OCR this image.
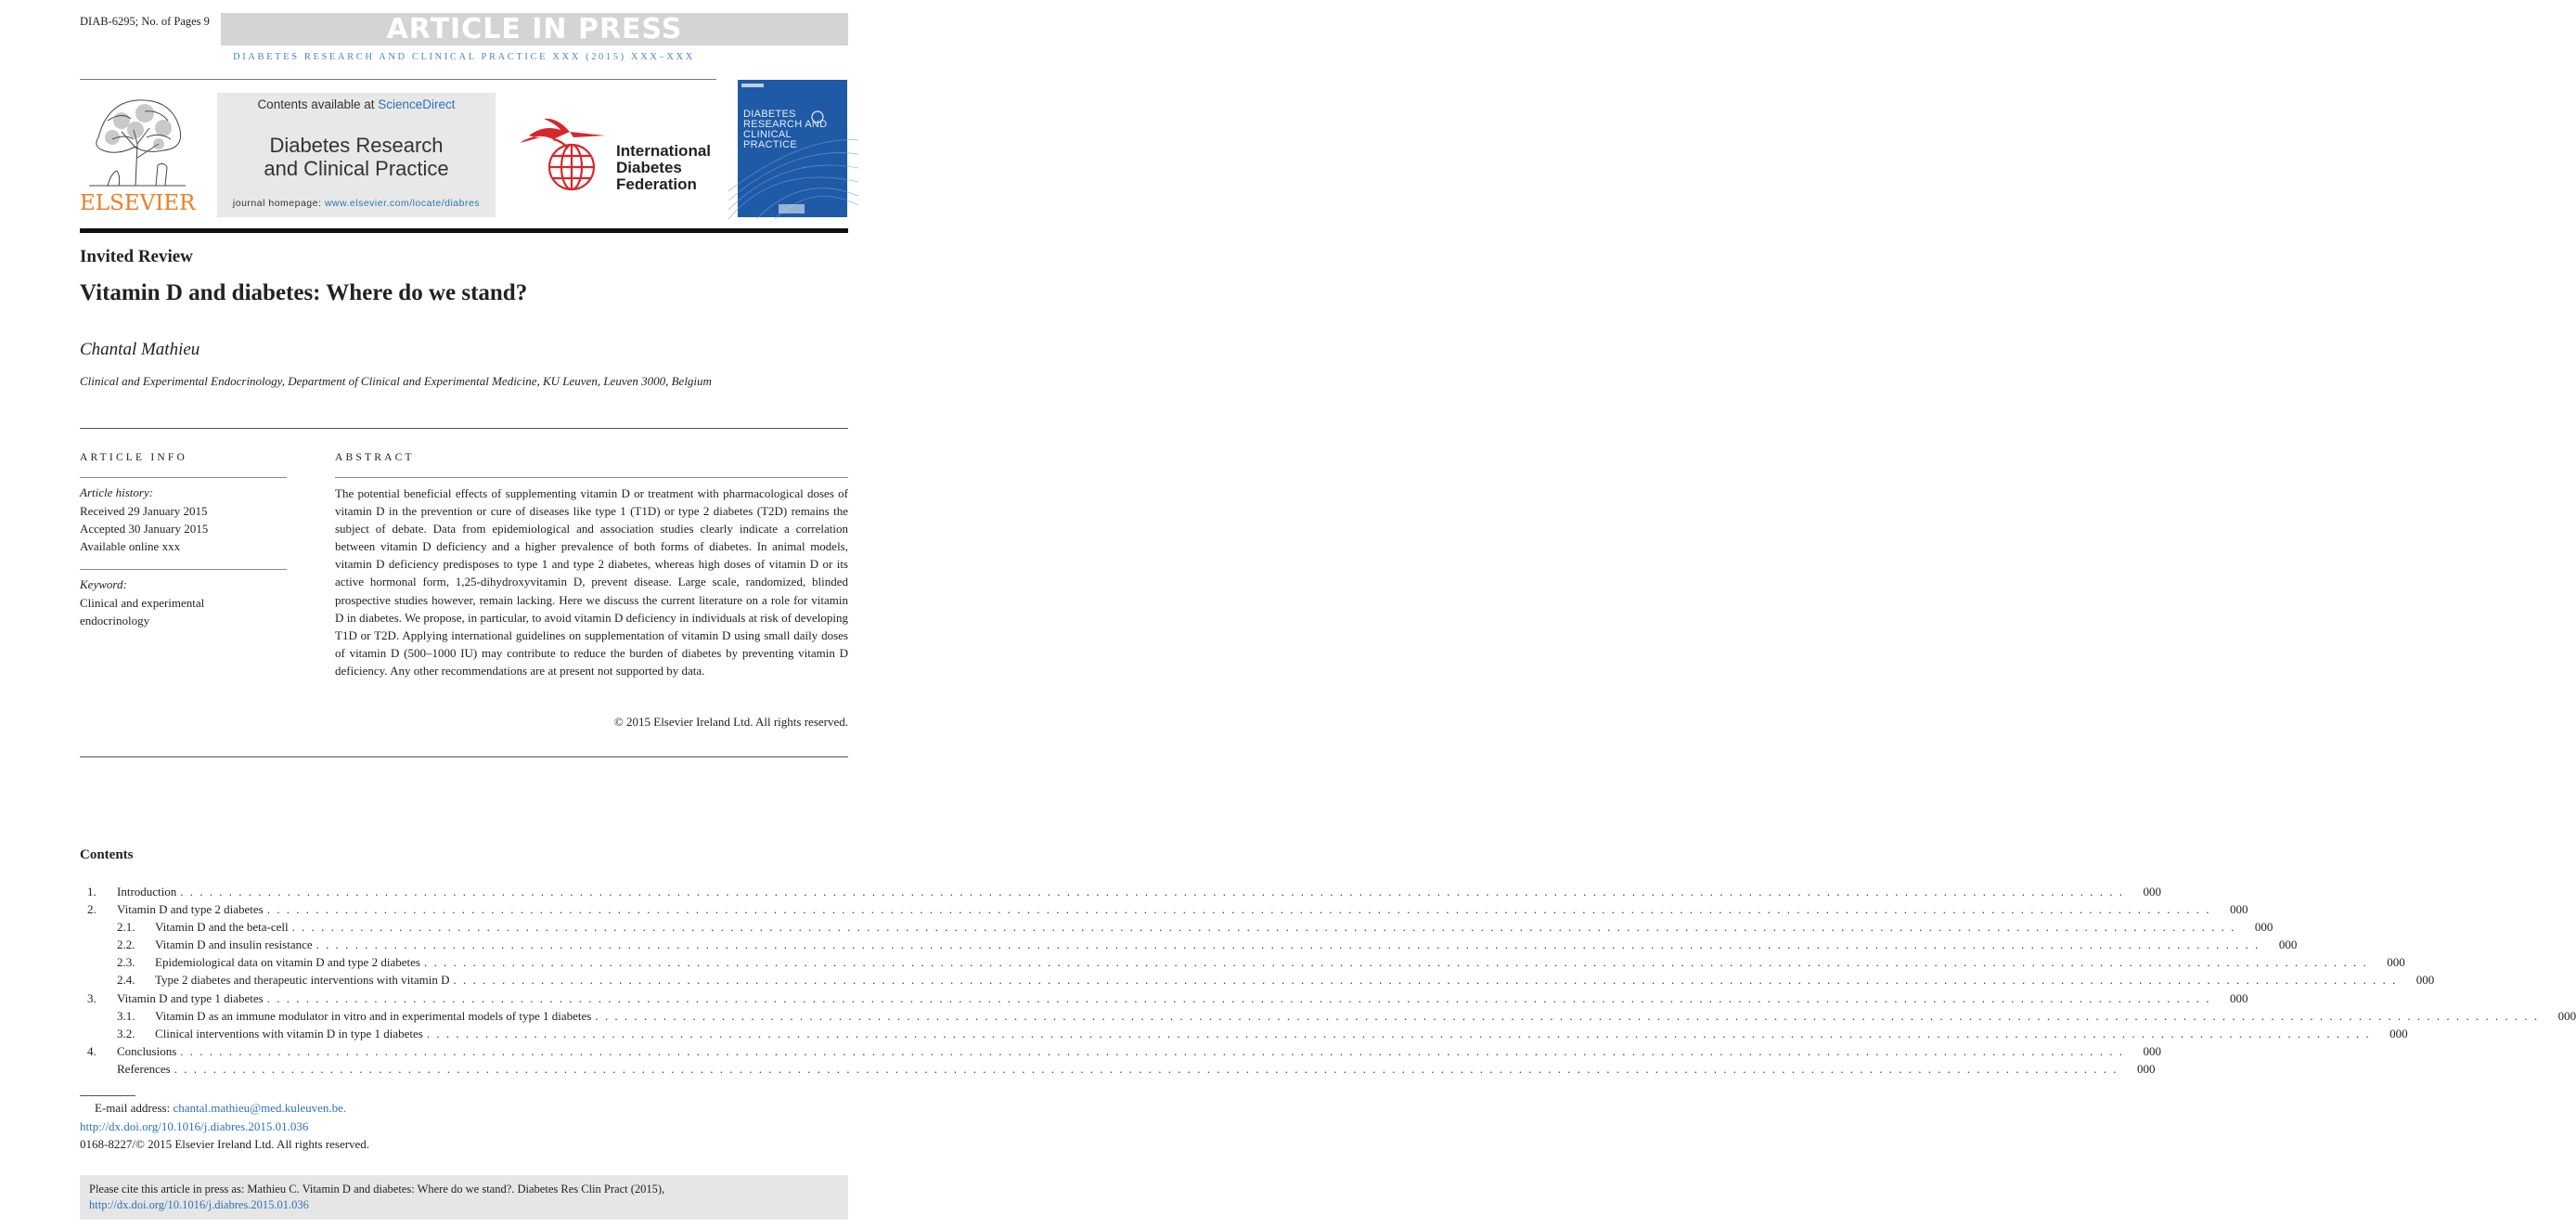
DIAB-6295; No. of Pages 9	ARTICLE IN PRESS
DIABETES RESEARCH AND CLINICAL PRACTICE XXX (2015) XXX–XXX
ELSEVIER
Contents available at ScienceDirect
Diabetes Research
and Clinical Practice
journal homepage: www.elsevier.com/locate/diabres
International
Diabetes
Federation
DIABETES
RESEARCH AND
CLINICAL PRACTICE
Invited Review
Vitamin D and diabetes: Where do we stand?
Chantal Mathieu
Clinical and Experimental Endocrinology, Department of Clinical and Experimental Medicine, KU Leuven, Leuven 3000, Belgium
ARTICLE INFO
Article history:
Received 29 January 2015
Accepted 30 January 2015
Available online xxx
Keyword:
Clinical and experimental endocrinology
ABSTRACT
The potential beneficial effects of supplementing vitamin D or treatment with pharmacological doses of vitamin D in the prevention or cure of diseases like type 1 (T1D) or type 2 diabetes (T2D) remains the subject of debate. Data from epidemiological and association studies clearly indicate a correlation between vitamin D deficiency and a higher prevalence of both forms of diabetes. In animal models, vitamin D deficiency predisposes to type 1 and type 2 diabetes, whereas high doses of vitamin D or its active hormonal form, 1,25-dihydroxyvitamin D, prevent disease. Large scale, randomized, blinded prospective studies however, remain lacking. Here we discuss the current literature on a role for vitamin D in diabetes. We propose, in particular, to avoid vitamin D deficiency in individuals at risk of developing T1D or T2D. Applying international guidelines on supplementation of vitamin D using small daily doses of vitamin D (500–1000 IU) may contribute to reduce the burden of diabetes by preventing vitamin D deficiency. Any other recommendations are at present not supported by data.
© 2015 Elsevier Ireland Ltd. All rights reserved.
Contents
1.	Introduction . . . . . . . . . . . . . . . . . . . . . . . . . . . . . . . . . . . . . . . . . . . . . . . . . . . . . . . . . . . . . . . . . . . . . . . . . . . . . . . . . . . . . . . . . . . . . . . . . . . . . . . . . . . . . . . . . . . . . . . . . . . . . . . . . . . . . . . . . . . . . . . . . . . . . . . . . . . . . . . . . . . . . . . . . . . . . . . . . . . . . . . . . . . . . . . . . . . . . . . .	000
2.	Vitamin D and type 2 diabetes . . . . . . . . . . . . . . . . . . . . . . . . . . . . . . . . . . . . . . . . . . . . . . . . . . . . . . . . . . . . . . . . . . . . . . . . . . . . . . . . . . . . . . . . . . . . . . . . . . . . . . . . . . . . . . . . . . . . . . . . . . . . . . . . . . . . . . . . . . . . . . . . . . . . . . . . . . . . . . . . . . . . . . . . . . . . . . . . . . . . . . . . . . . . . . . . . . . . . . . .	000
2.1.	Vitamin D and the beta-cell . . . . . . . . . . . . . . . . . . . . . . . . . . . . . . . . . . . . . . . . . . . . . . . . . . . . . . . . . . . . . . . . . . . . . . . . . . . . . . . . . . . . . . . . . . . . . . . . . . . . . . . . . . . . . . . . . . . . . . . . . . . . . . . . . . . . . . . . . . . . . . . . . . . . . . . . . . . . . . . . . . . . . . . . . . . . . . . . . . . . . . . . . . . . . . . . . . . . . . . .	000
2.2.	Vitamin D and insulin resistance . . . . . . . . . . . . . . . . . . . . . . . . . . . . . . . . . . . . . . . . . . . . . . . . . . . . . . . . . . . . . . . . . . . . . . . . . . . . . . . . . . . . . . . . . . . . . . . . . . . . . . . . . . . . . . . . . . . . . . . . . . . . . . . . . . . . . . . . . . . . . . . . . . . . . . . . . . . . . . . . . . . . . . . . . . . . . . . . . . . . . . . . . . . . . . . . . . . . . . . .	000
2.3.	Epidemiological data on vitamin D and type 2 diabetes . . . . . . . . . . . . . . . . . . . . . . . . . . . . . . . . . . . . . . . . . . . . . . . . . . . . . . . . . . . . . . . . . . . . . . . . . . . . . . . . . . . . . . . . . . . . . . . . . . . . . . . . . . . . . . . . . . . . . . . . . . . . . . . . . . . . . . . . . . . . . . . . . . . . . . . . . . . . . . . . . . . . . . . . . . . . . . . . . . . . . . . . . . . . . . . . . . . . . . . .	000
2.4.	Type 2 diabetes and therapeutic interventions with vitamin D . . . . . . . . . . . . . . . . . . . . . . . . . . . . . . . . . . . . . . . . . . . . . . . . . . . . . . . . . . . . . . . . . . . . . . . . . . . . . . . . . . . . . . . . . . . . . . . . . . . . . . . . . . . . . . . . . . . . . . . . . . . . . . . . . . . . . . . . . . . . . . . . . . . . . . . . . . . . . . . . . . . . . . . . . . . . . . . . . . . . . . . . . . . . . . . . . . . . . . . .	000
3.	Vitamin D and type 1 diabetes . . . . . . . . . . . . . . . . . . . . . . . . . . . . . . . . . . . . . . . . . . . . . . . . . . . . . . . . . . . . . . . . . . . . . . . . . . . . . . . . . . . . . . . . . . . . . . . . . . . . . . . . . . . . . . . . . . . . . . . . . . . . . . . . . . . . . . . . . . . . . . . . . . . . . . . . . . . . . . . . . . . . . . . . . . . . . . . . . . . . . . . . . . . . . . . . . . . . . . . .	000
3.1.	Vitamin D as an immune modulator in vitro and in experimental models of type 1 diabetes . . . . . . . . . . . . . . . . . . . . . . . . . . . . . . . . . . . . . . . . . . . . . . . . . . . . . . . . . . . . . . . . . . . . . . . . . . . . . . . . . . . . . . . . . . . . . . . . . . . . . . . . . . . . . . . . . . . . . . . . . . . . . . . . . . . . . . . . . . . . . . . . . . . . . . . . . . . . . . . . . . . . . . . . . . . . . . . . . . . . . . . . . . . . . . . . . . . . . . . .	000
3.2.	Clinical interventions with vitamin D in type 1 diabetes . . . . . . . . . . . . . . . . . . . . . . . . . . . . . . . . . . . . . . . . . . . . . . . . . . . . . . . . . . . . . . . . . . . . . . . . . . . . . . . . . . . . . . . . . . . . . . . . . . . . . . . . . . . . . . . . . . . . . . . . . . . . . . . . . . . . . . . . . . . . . . . . . . . . . . . . . . . . . . . . . . . . . . . . . . . . . . . . . . . . . . . . . . . . . . . . . . . . . . . .	000
4.	Conclusions . . . . . . . . . . . . . . . . . . . . . . . . . . . . . . . . . . . . . . . . . . . . . . . . . . . . . . . . . . . . . . . . . . . . . . . . . . . . . . . . . . . . . . . . . . . . . . . . . . . . . . . . . . . . . . . . . . . . . . . . . . . . . . . . . . . . . . . . . . . . . . . . . . . . . . . . . . . . . . . . . . . . . . . . . . . . . . . . . . . . . . . . . . . . . . . . . . . . . . . .	000
References . . . . . . . . . . . . . . . . . . . . . . . . . . . . . . . . . . . . . . . . . . . . . . . . . . . . . . . . . . . . . . . . . . . . . . . . . . . . . . . . . . . . . . . . . . . . . . . . . . . . . . . . . . . . . . . . . . . . . . . . . . . . . . . . . . . . . . . . . . . . . . . . . . . . . . . . . . . . . . . . . . . . . . . . . . . . . . . . . . . . . . . . . . . . . . . . . . . . . . . .	000
E-mail address: chantal.mathieu@med.kuleuven.be.
http://dx.doi.org/10.1016/j.diabres.2015.01.036
0168-8227/© 2015 Elsevier Ireland Ltd. All rights reserved.
Please cite this article in press as: Mathieu C. Vitamin D and diabetes: Where do we stand?. Diabetes Res Clin Pract (2015), http://dx.doi.org/10.1016/j.diabres.2015.01.036
